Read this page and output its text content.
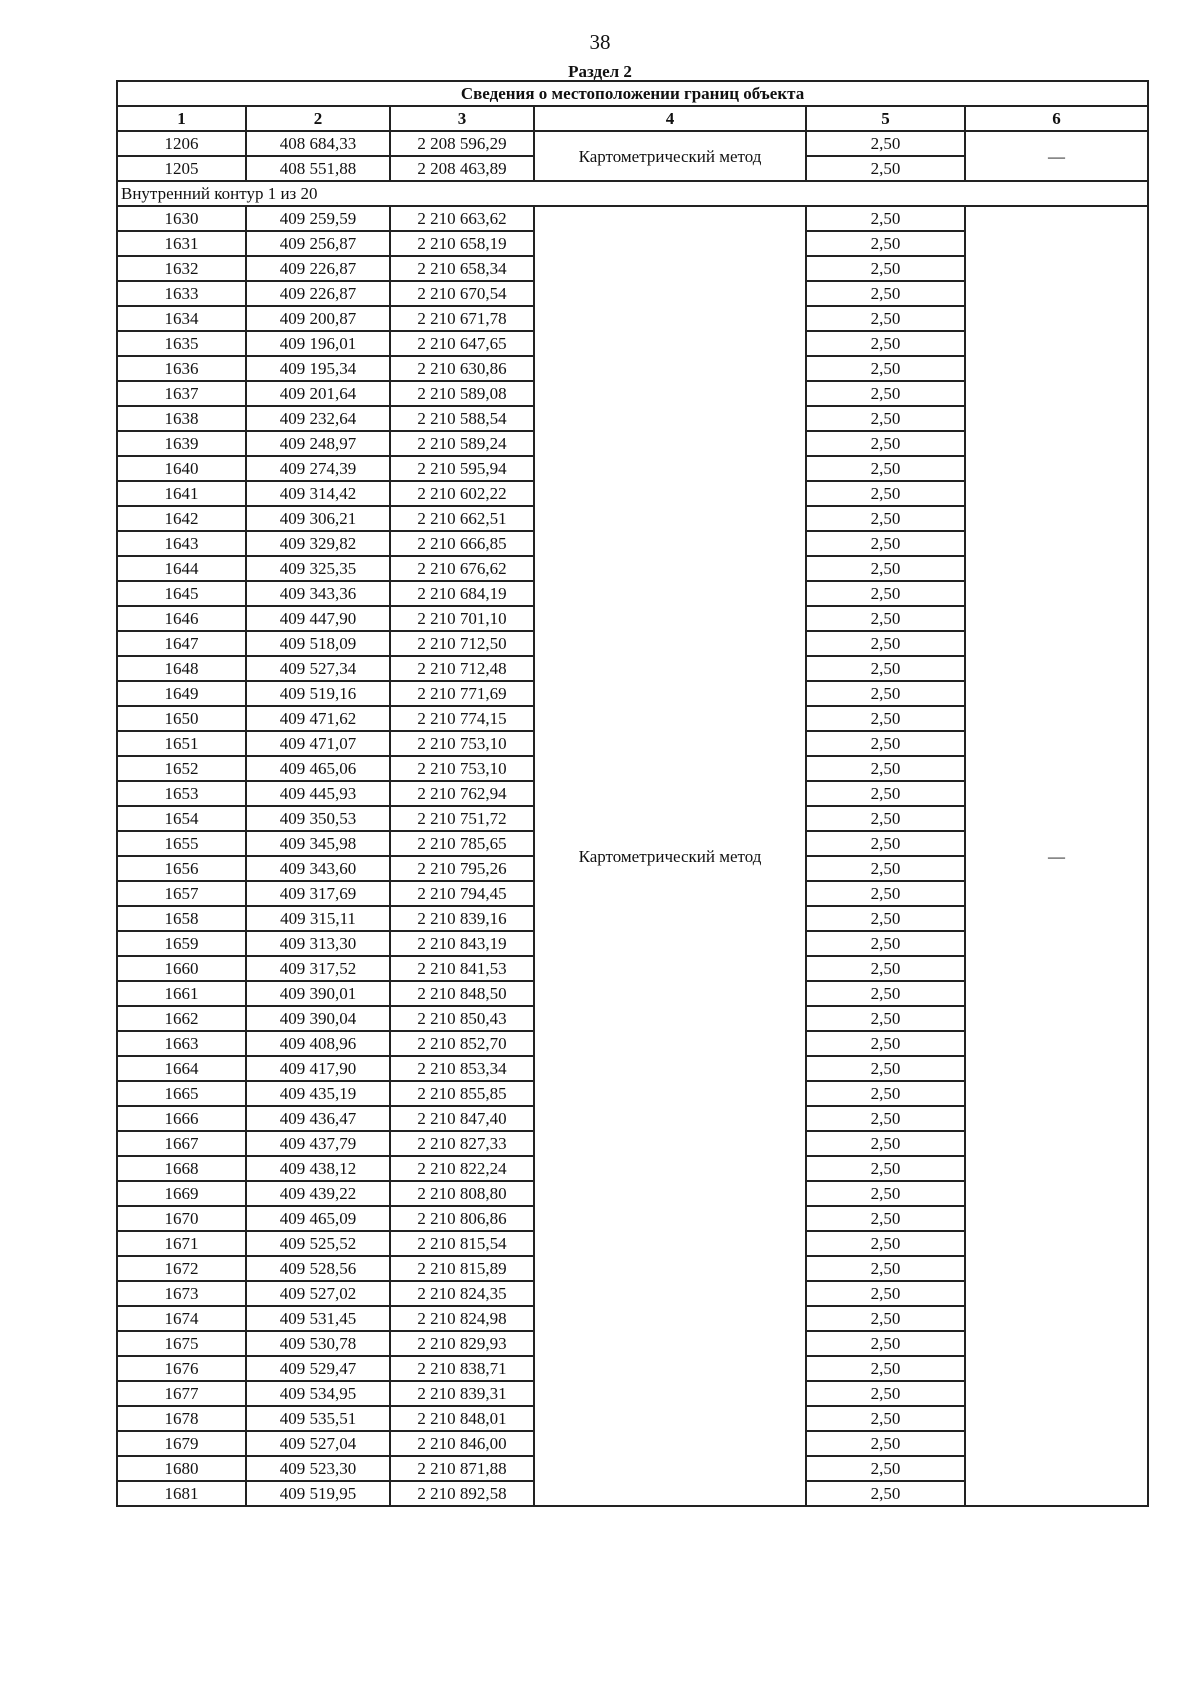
38
Раздел 2
Сведения о местоположении границ объекта					
1	2	3	4	5	6
1206	408 684,33	2 208 596,29	Картометрический метод	2,50	—
1205	408 551,88	2 208 463,89		2,50	
Внутренний контур 1 из 20					
1630	409 259,59	2 210 663,62	Картометрический метод	2,50	—
1631	409 256,87	2 210 658,19		2,50	
1632	409 226,87	2 210 658,34		2,50	
1633	409 226,87	2 210 670,54		2,50	
1634	409 200,87	2 210 671,78		2,50	
1635	409 196,01	2 210 647,65		2,50	
1636	409 195,34	2 210 630,86		2,50	
1637	409 201,64	2 210 589,08		2,50	
1638	409 232,64	2 210 588,54		2,50	
1639	409 248,97	2 210 589,24		2,50	
1640	409 274,39	2 210 595,94		2,50	
1641	409 314,42	2 210 602,22		2,50	
1642	409 306,21	2 210 662,51		2,50	
1643	409 329,82	2 210 666,85		2,50	
1644	409 325,35	2 210 676,62		2,50	
1645	409 343,36	2 210 684,19		2,50	
1646	409 447,90	2 210 701,10		2,50	
1647	409 518,09	2 210 712,50		2,50	
1648	409 527,34	2 210 712,48		2,50	
1649	409 519,16	2 210 771,69		2,50	
1650	409 471,62	2 210 774,15		2,50	
1651	409 471,07	2 210 753,10		2,50	
1652	409 465,06	2 210 753,10		2,50	
1653	409 445,93	2 210 762,94		2,50	
1654	409 350,53	2 210 751,72		2,50	
1655	409 345,98	2 210 785,65		2,50	
1656	409 343,60	2 210 795,26		2,50	
1657	409 317,69	2 210 794,45		2,50	
1658	409 315,11	2 210 839,16		2,50	
1659	409 313,30	2 210 843,19		2,50	
1660	409 317,52	2 210 841,53		2,50	
1661	409 390,01	2 210 848,50		2,50	
1662	409 390,04	2 210 850,43		2,50	
1663	409 408,96	2 210 852,70		2,50	
1664	409 417,90	2 210 853,34		2,50	
1665	409 435,19	2 210 855,85		2,50	
1666	409 436,47	2 210 847,40		2,50	
1667	409 437,79	2 210 827,33		2,50	
1668	409 438,12	2 210 822,24		2,50	
1669	409 439,22	2 210 808,80		2,50	
1670	409 465,09	2 210 806,86		2,50	
1671	409 525,52	2 210 815,54		2,50	
1672	409 528,56	2 210 815,89		2,50	
1673	409 527,02	2 210 824,35		2,50	
1674	409 531,45	2 210 824,98		2,50	
1675	409 530,78	2 210 829,93		2,50	
1676	409 529,47	2 210 838,71		2,50	
1677	409 534,95	2 210 839,31		2,50	
1678	409 535,51	2 210 848,01		2,50	
1679	409 527,04	2 210 846,00		2,50	
1680	409 523,30	2 210 871,88		2,50	
1681	409 519,95	2 210 892,58		2,50	
